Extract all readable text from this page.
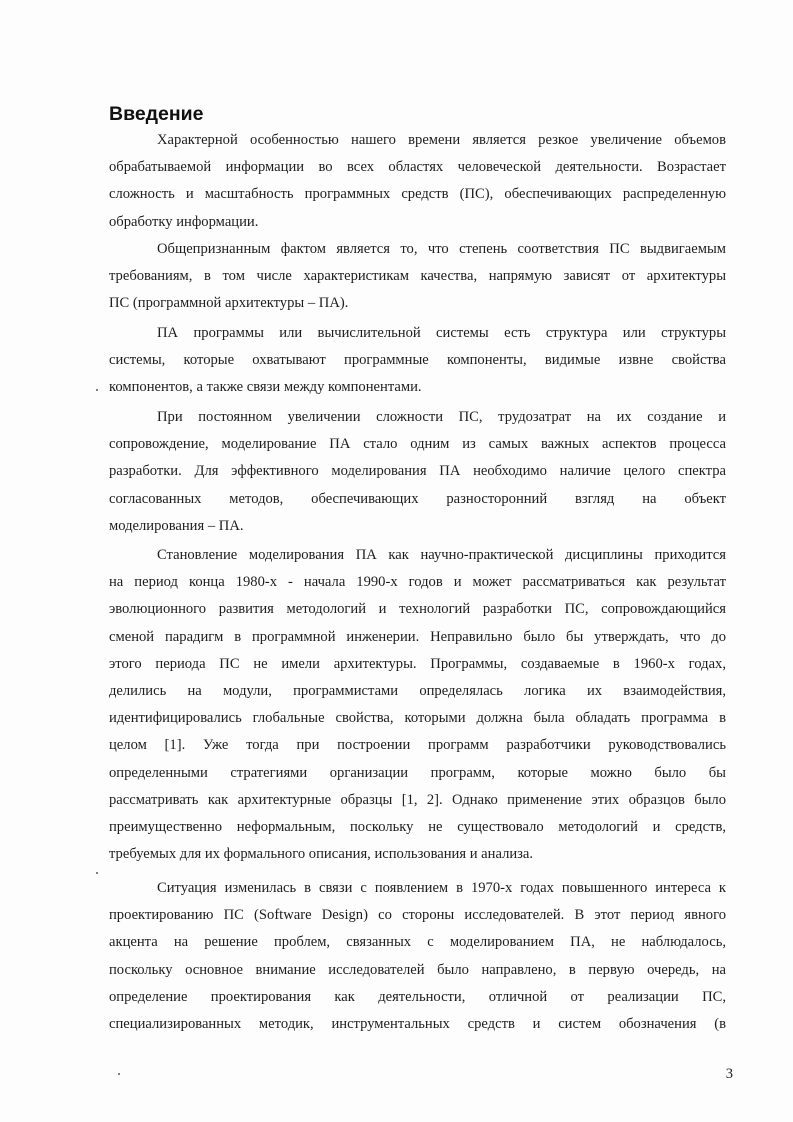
Введение
Характерной особенностью нашего времени является резкое увеличение объемов
обрабатываемой информации во всех областях человеческой деятельности. Возрастает
сложность и масштабность программных средств (ПС), обеспечивающих распределенную
обработку информации.
Общепризнанным фактом является то, что степень соответствия ПС выдвигаемым
требованиям, в том числе характеристикам качества, напрямую зависят от архитектуры
ПС (программной архитектуры – ПА).
ПА программы или вычислительной системы есть структура или структуры
системы, которые охватывают программные компоненты, видимые извне свойства
компонентов, а также связи между компонентами.
При постоянном увеличении сложности ПС, трудозатрат на их создание и
сопровождение, моделирование ПА стало одним из самых важных аспектов процесса
разработки. Для эффективного моделирования ПА необходимо наличие целого спектра
согласованных методов, обеспечивающих разносторонний взгляд на объект
моделирования – ПА.
Становление моделирования ПА как научно-практической дисциплины приходится
на период конца 1980-х - начала 1990-х годов и может рассматриваться как результат
эволюционного развития методологий и технологий разработки ПС, сопровождающийся
сменой парадигм в программной инженерии. Неправильно было бы утверждать, что до
этого периода ПС не имели архитектуры. Программы, создаваемые в 1960-х годах,
делились на модули, программистами определялась логика их взаимодействия,
идентифицировались глобальные свойства, которыми должна была обладать программа в
целом [1]. Уже тогда при построении программ разработчики руководствовались
определенными стратегиями организации программ, которые можно было бы
рассматривать как архитектурные образцы [1, 2]. Однако применение этих образцов было
преимущественно неформальным, поскольку не существовало методологий и средств,
требуемых для их формального описания, использования и анализа.
Ситуация изменилась в связи с появлением в 1970-х годах повышенного интереса к
проектированию ПС (Software Design) со стороны исследователей. В этот период явного
акцента на решение проблем, связанных с моделированием ПА, не наблюдалось,
поскольку основное внимание исследователей было направлено, в первую очередь, на
определение проектирования как деятельности, отличной от реализации ПС,
специализированных методик, инструментальных средств и систем обозначения (в
3
